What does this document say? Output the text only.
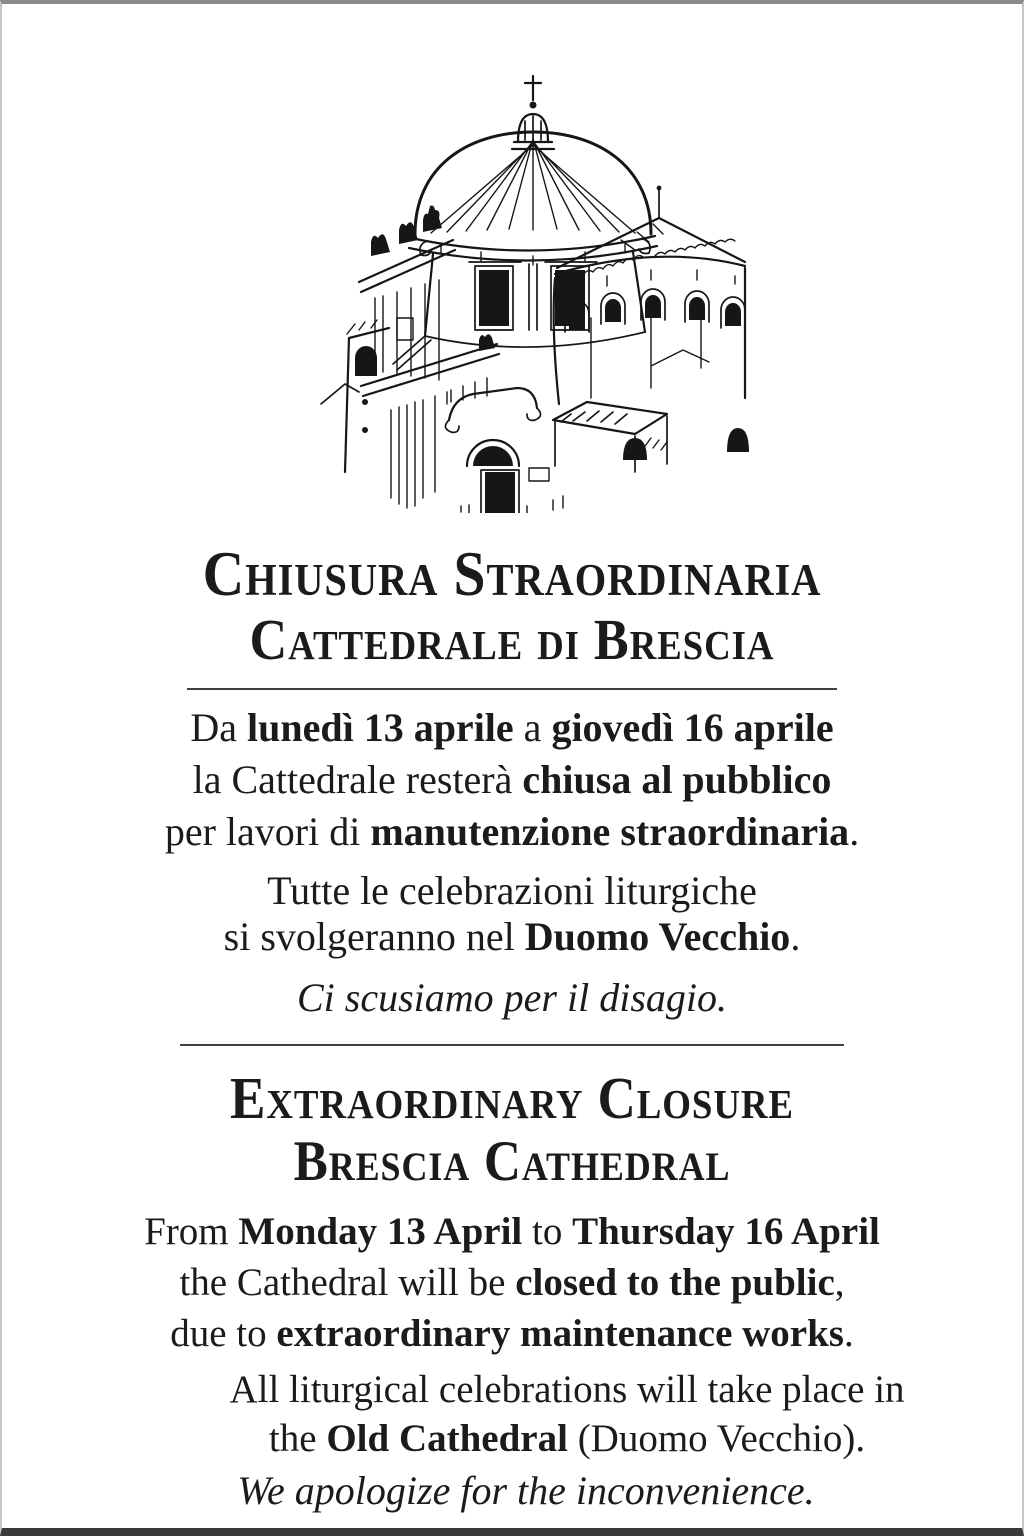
Chiusura Straordinaria
Cattedrale di Brescia
Da lunedì 13 aprile a giovedì 16 aprile
la Cattedrale resterà chiusa al pubblico
per lavori di manutenzione straordinaria.
Tutte le celebrazioni liturgiche
si svolgeranno nel Duomo Vecchio.
Ci scusiamo per il disagio.
Extraordinary Closure
Brescia Cathedral
From Monday 13 April to Thursday 16 April
the Cathedral will be closed to the public,
due to extraordinary maintenance works.
All liturgical celebrations will take place in
the Old Cathedral (Duomo Vecchio).
We apologize for the inconvenience.
